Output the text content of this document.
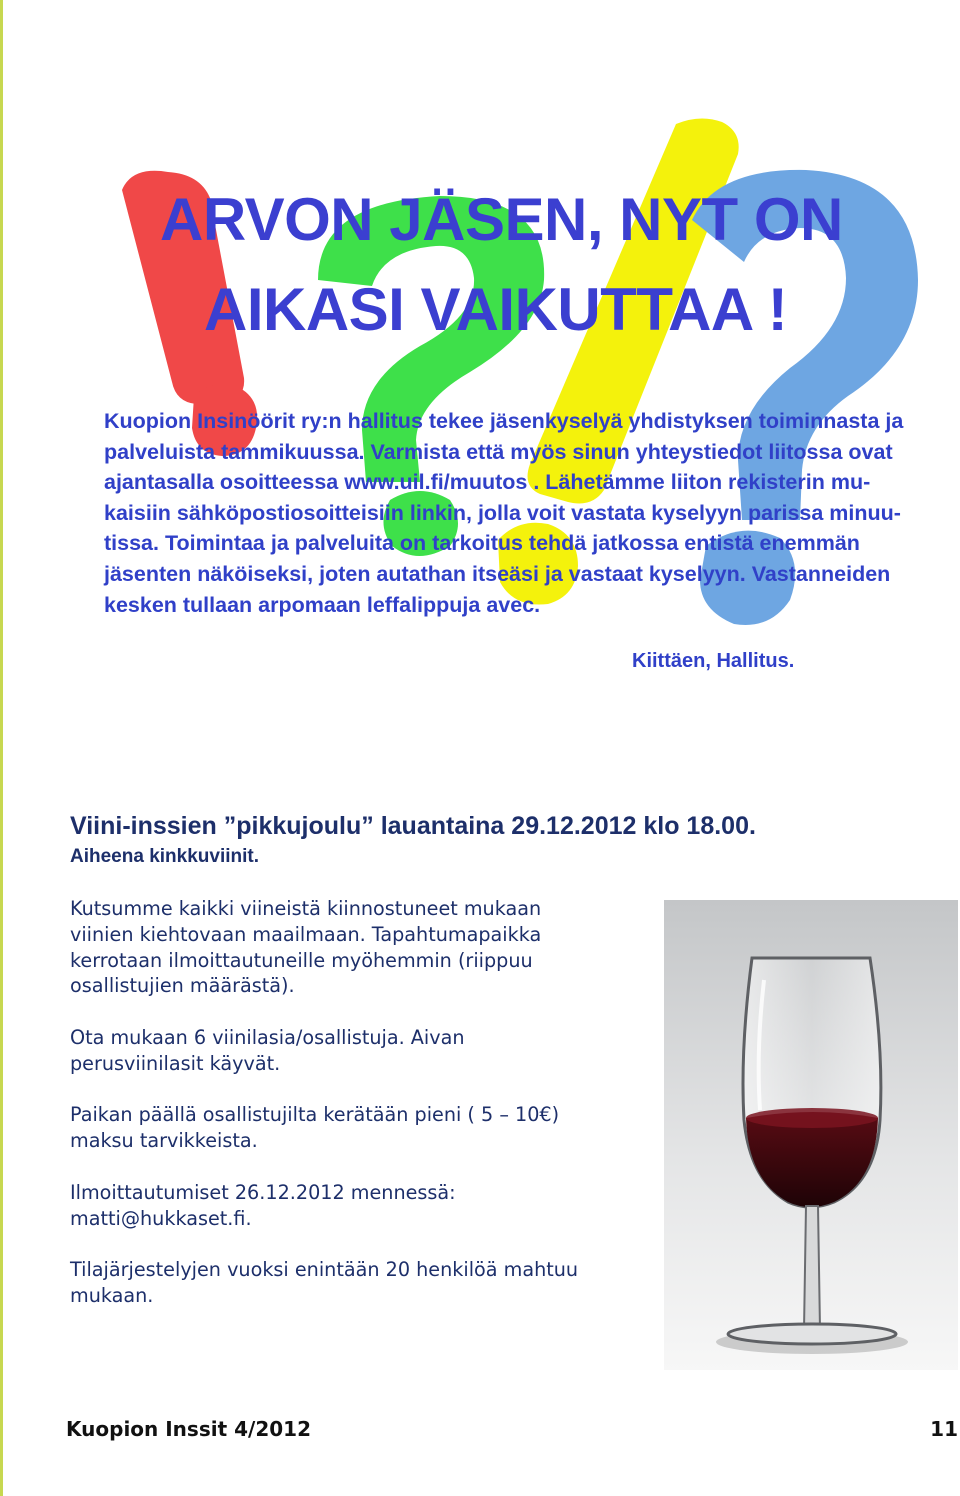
ARVON JÄSEN, NYT ON
AIKASI VAIKUTTAA !

Kuopion Insinöörit ry:n hallitus tekee jäsenkyselyä yhdistyksen toiminnasta ja
palveluista tammikuussa. Varmista että myös sinun yhteystiedot liitossa ovat
ajantasalla osoitteessa www.uil.fi/muutos . Lähetämme liiton rekisterin mu-
kaisiin sähköpostiosoitteisiin linkin, jolla voit vastata kyselyyn parissa minuu-
tissa. Toimintaa ja palveluita on tarkoitus tehdä jatkossa entistä enemmän
jäsenten näköiseksi, joten autathan itseäsi ja vastaat kyselyyn. Vastanneiden
kesken tullaan arpomaan leffalippuja avec.

Kiittäen, Hallitus.

Viini-inssien ”pikkujoulu” lauantaina 29.12.2012 klo 18.00.
Aiheena kinkkuviinit.

Kutsumme kaikki viineistä kiinnostuneet mukaan
viinien kiehtovaan maailmaan. Tapahtumapaikka
kerrotaan ilmoittautuneille myöhemmin (riippuu
osallistujien määrästä).

Ota mukaan 6 viinilasia/osallistuja. Aivan
perusviinilasit käyvät.

Paikan päällä osallistujilta kerätään pieni ( 5 – 10€)
maksu tarvikkeista.

Ilmoittautumiset 26.12.2012 mennessä:
matti@hukkaset.fi.

Tilajärjestelyjen vuoksi enintään 20 henkilöä mahtuu
mukaan.

Kuopion Inssit 4/2012	11
